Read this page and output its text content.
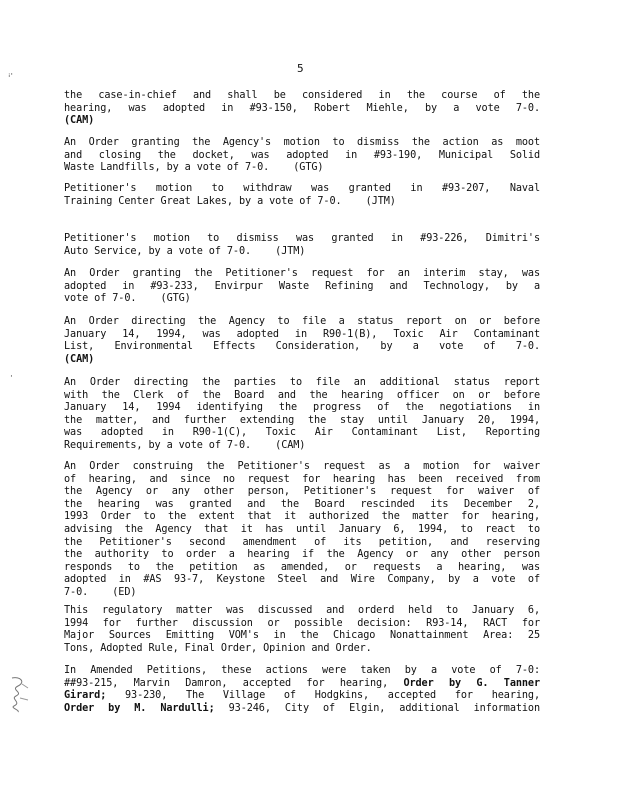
5
ꜟ·
·
the case-in-chief and shall be considered in the course of the
hearing, was adopted in #93-150, Robert Miehle, by a vote 7-0.
(CAM)
An Order granting the Agency's motion to dismiss the action as moot
and closing the docket, was adopted in #93-190, Municipal Solid
Waste Landfills, by a vote of 7-0.    (GTG)
Petitioner's motion to withdraw was granted in #93-207, Naval
Training Center Great Lakes, by a vote of 7-0.    (JTM)
Petitioner's motion to dismiss was granted in #93-226, Dimitri's
Auto Service, by a vote of 7-0.    (JTM)
An Order granting the Petitioner's request for an interim stay, was
adopted in #93-233, Envirpur Waste Refining and Technology, by a
vote of 7-0.    (GTG)
An Order directing the Agency to file a status report on or before
January 14, 1994, was adopted in R90-1(B), Toxic Air Contaminant
List, Environmental Effects Consideration, by a vote of 7-0.
(CAM)
An Order directing the parties to file an additional status report
with the Clerk of the Board and the hearing officer on or before
January 14, 1994 identifying the progress of the negotiations in
the matter, and further extending the stay until January 20, 1994,
was adopted in R90-1(C), Toxic Air Contaminant List, Reporting
Requirements, by a vote of 7-0.    (CAM)
An Order construing the Petitioner's request as a motion for waiver
of hearing, and since no request for hearing has been received from
the Agency or any other person, Petitioner's request for waiver of
the hearing was granted and the Board rescinded its December 2,
1993 Order to the extent that it authorized the matter for hearing,
advising the Agency that it has until January 6, 1994, to react to
the Petitioner's second amendment of its petition, and reserving
the authority to order a hearing if the Agency or any other person
responds to the petition as amended, or requests a hearing, was
adopted in #AS 93-7, Keystone Steel and Wire Company, by a vote of
7-0.    (ED)
This regulatory matter was discussed and orderd held to January 6,
1994 for further discussion or possible decision: R93-14, RACT for
Major Sources Emitting VOM's in the Chicago Nonattainment Area: 25
Tons, Adopted Rule, Final Order, Opinion and Order.
In Amended Petitions, these actions were taken by a vote of 7-0:
##93-215, Marvin Damron, accepted for hearing, Order by G. Tanner
Girard; 93-230, The Village of Hodgkins, accepted for hearing,
Order by M. Nardulli; 93-246, City of Elgin, additional information
